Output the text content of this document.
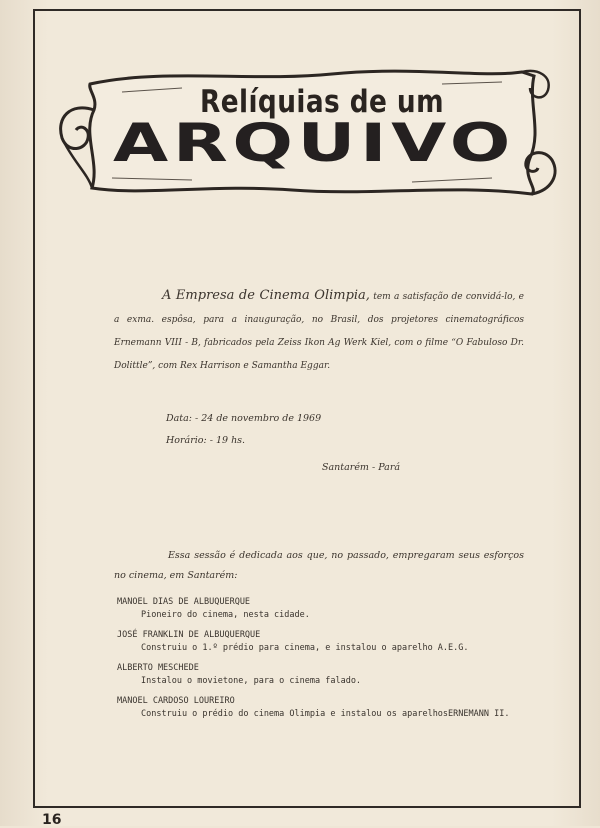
Relíquias de um
ARQUIVO
A Empresa de Cinema Olimpia, tem a satisfação de convidá-lo, e a exma. espôsa, para a inauguração, no Brasil, dos projetores cinematográficos Ernemann VIII - B, fabricados pela Zeiss Ikon Ag Werk Kiel, com o filme “O Fabuloso Dr. Dolittle”, com Rex Harrison e Samantha Eggar.
Data: - 24 de novembro de 1969
Horário: - 19 hs.
Santarém - Pará
Essa sessão é dedicada aos que, no passado, empregaram seus esforços no cinema, em Santarém:
MANOEL DIAS DE ALBUQUERQUE
Pioneiro do cinema, nesta cidade.
JOSÉ FRANKLIN DE ALBUQUERQUE
Construiu o 1.º prédio para cinema, e instalou o aparelho A.E.G.
ALBERTO MESCHEDE
Instalou o movietone, para o cinema falado.
MANOEL CARDOSO LOUREIRO
Construiu o prédio do cinema Olimpia e instalou os aparelhosERNEMANN II.
16
